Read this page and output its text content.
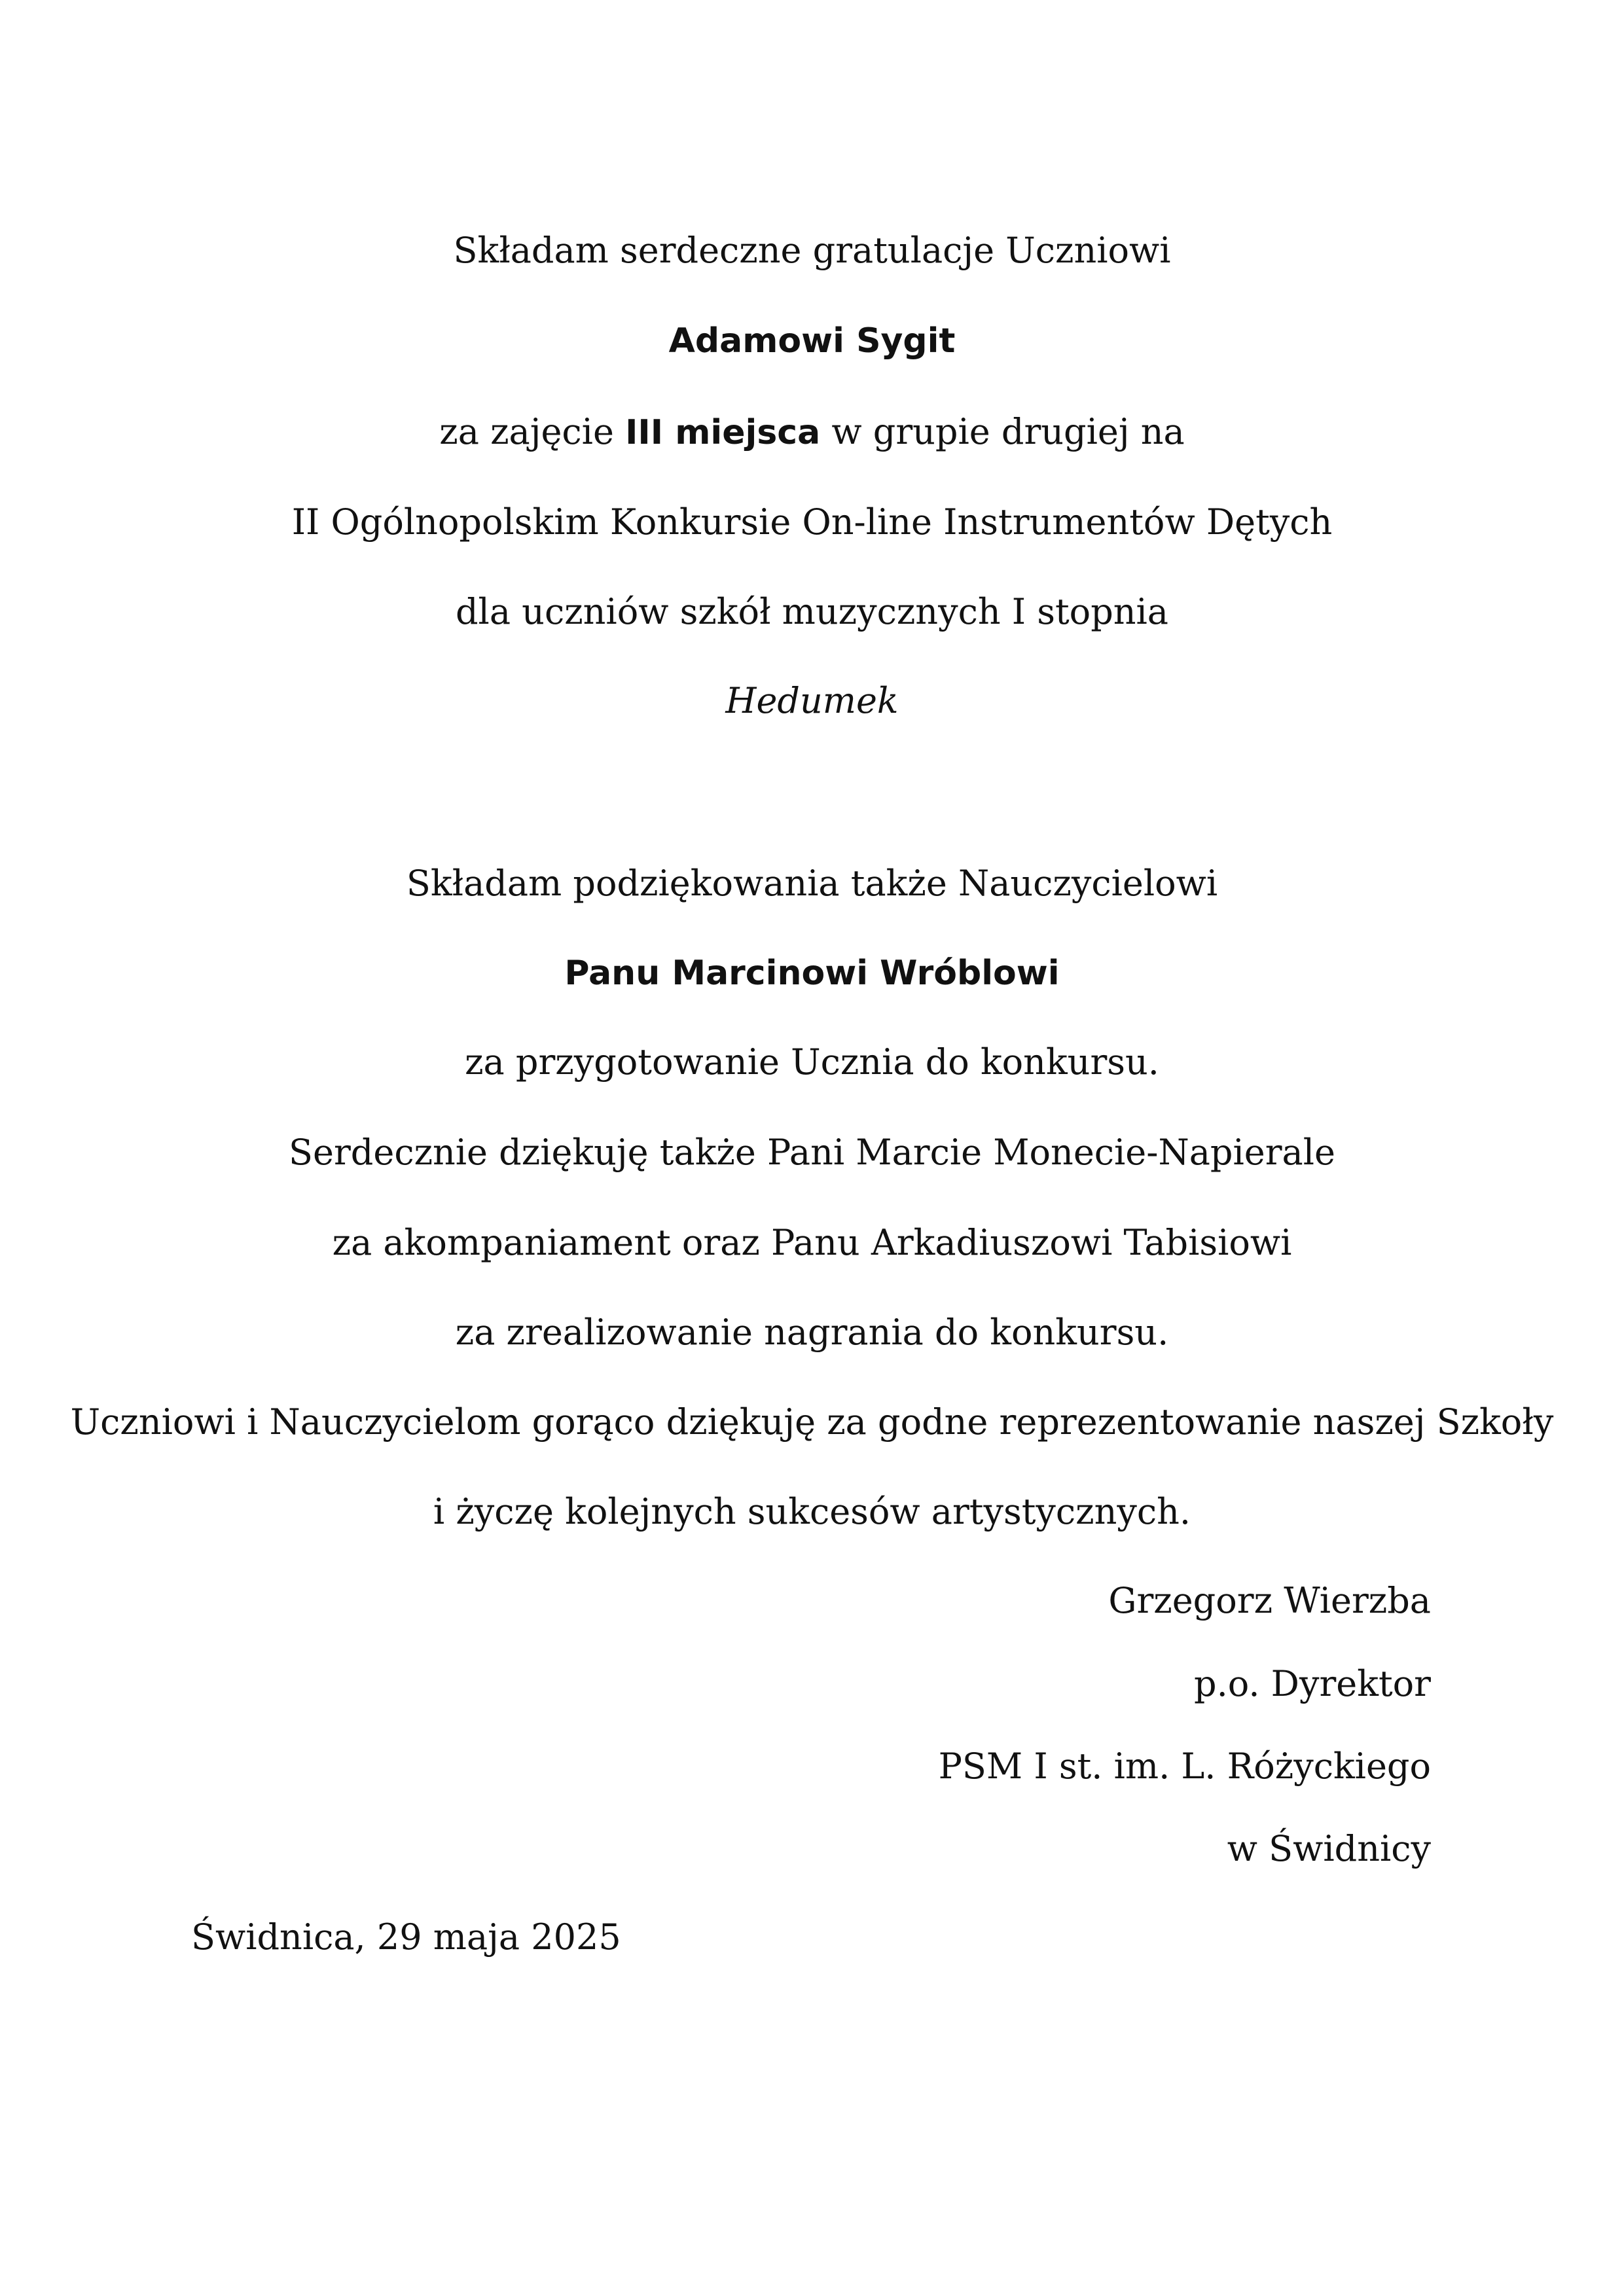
Składam serdeczne gratulacje Uczniowi
Adamowi Sygit
za zajęcie III miejsca w grupie drugiej na
II Ogólnopolskim Konkursie On-line Instrumentów Dętych
dla uczniów szkół muzycznych I stopnia
Hedumek
Składam podziękowania także Nauczycielowi
Panu Marcinowi Wróblowi
za przygotowanie Ucznia do konkursu.
Serdecznie dziękuję także Pani Marcie Monecie-Napierale
za akompaniament oraz Panu Arkadiuszowi Tabisiowi
za zrealizowanie nagrania do konkursu.
Uczniowi i Nauczycielom gorąco dziękuję za godne reprezentowanie naszej Szkoły
i życzę kolejnych sukcesów artystycznych.
Grzegorz Wierzba
p.o. Dyrektor
PSM I st. im. L. Różyckiego
w Świdnicy
Świdnica, 29 maja 2025
